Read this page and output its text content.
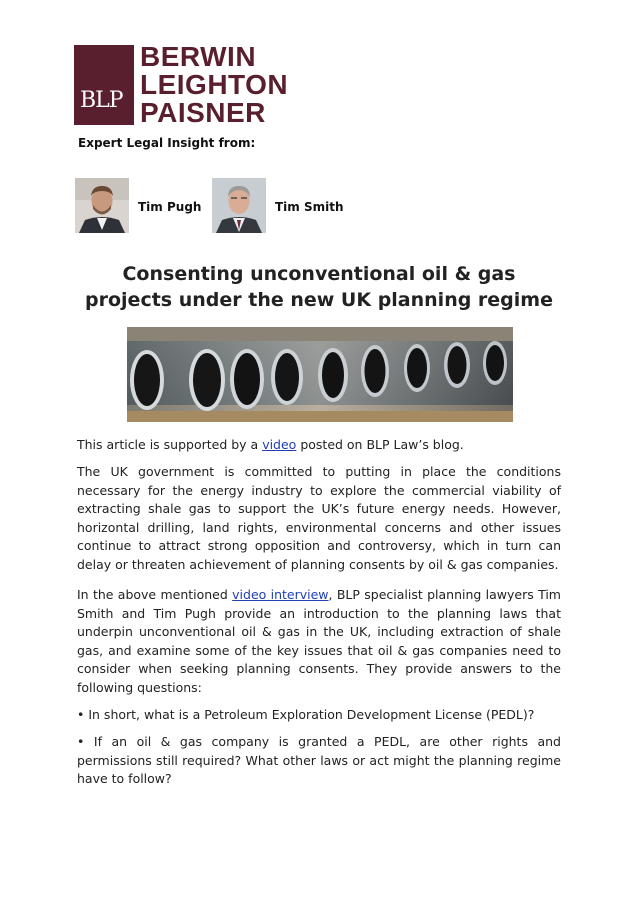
BLP
BERWIN
LEIGHTON
PAISNER
Expert Legal Insight from:
Tim Pugh	Tim Smith
Consenting unconventional oil & gas projects under the new UK planning regime
This article is supported by a video posted on BLP Law’s blog.
The UK government is committed to putting in place the conditions necessary for the energy industry to explore the commercial viability of extracting shale gas to support the UK’s future energy needs. However, horizontal drilling, land rights, environmental concerns and other issues continue to attract strong opposition and controversy, which in turn can delay or threaten achievement of planning consents by oil & gas companies.
In the above mentioned video interview, BLP specialist planning lawyers Tim Smith and Tim Pugh provide an introduction to the planning laws that underpin unconventional oil & gas in the UK, including extraction of shale gas, and examine some of the key issues that oil & gas companies need to consider when seeking planning consents. They provide answers to the following questions:
• In short, what is a Petroleum Exploration Development License (PEDL)?
• If an oil & gas company is granted a PEDL, are other rights and permissions still required? What other laws or act might the planning regime have to follow?
